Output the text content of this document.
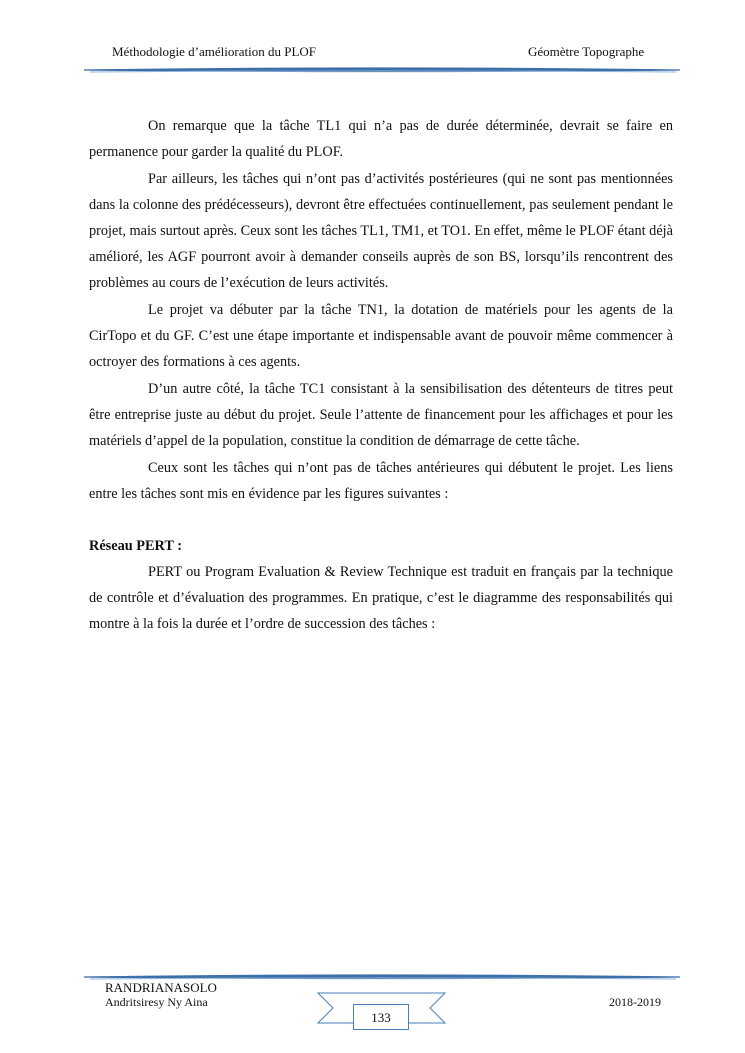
Méthodologie d’amélioration du PLOF	Géomètre Topographe

On remarque que la tâche TL1 qui n’a pas de durée déterminée, devrait se faire en permanence pour garder la qualité du PLOF.

Par ailleurs, les tâches qui n’ont pas d’activités postérieures (qui ne sont pas mentionnées dans la colonne des prédécesseurs), devront être effectuées continuellement, pas seulement pendant le projet, mais surtout après. Ceux sont les tâches TL1, TM1, et TO1. En effet, même le PLOF étant déjà amélioré, les AGF pourront avoir à demander conseils auprès de son BS, lorsqu’ils rencontrent des problèmes au cours de l’exécution de leurs activités.

Le projet va débuter par la tâche TN1, la dotation de matériels pour les agents de la CirTopo et du GF. C’est une étape importante et indispensable avant de pouvoir même commencer à octroyer des formations à ces agents.

D’un autre côté, la tâche TC1 consistant à la sensibilisation des détenteurs de titres peut être entreprise juste au début du projet. Seule l’attente de financement pour les affichages et pour les matériels d’appel de la population, constitue la condition de démarrage de cette tâche.

Ceux sont les tâches qui n’ont pas de tâches antérieures qui débutent le projet. Les liens entre les tâches sont mis en évidence par les figures suivantes :

Réseau PERT :

PERT ou Program Evaluation & Review Technique est traduit en français par la technique de contrôle et d’évaluation des programmes. En pratique, c’est le diagramme des responsabilités qui montre à la fois la durée et l’ordre de succession des tâches :

RANDRIANASOLO
Andritsiresy Ny Aina	2018-2019
133
